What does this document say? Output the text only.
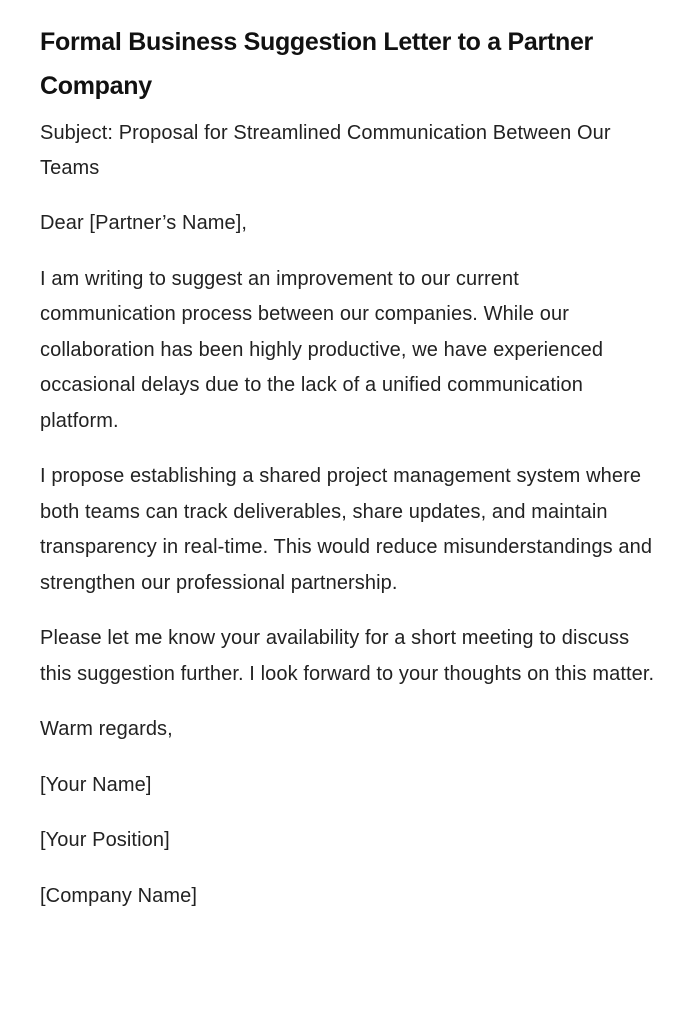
Formal Business Suggestion Letter to a Partner Company

Subject: Proposal for Streamlined Communication Between Our Teams

Dear [Partner’s Name],

I am writing to suggest an improvement to our current communication process between our companies. While our collaboration has been highly productive, we have experienced occasional delays due to the lack of a unified communication platform.

I propose establishing a shared project management system where both teams can track deliverables, share updates, and maintain transparency in real-time. This would reduce misunderstandings and strengthen our professional partnership.

Please let me know your availability for a short meeting to discuss this suggestion further. I look forward to your thoughts on this matter.

Warm regards,

[Your Name]

[Your Position]

[Company Name]
